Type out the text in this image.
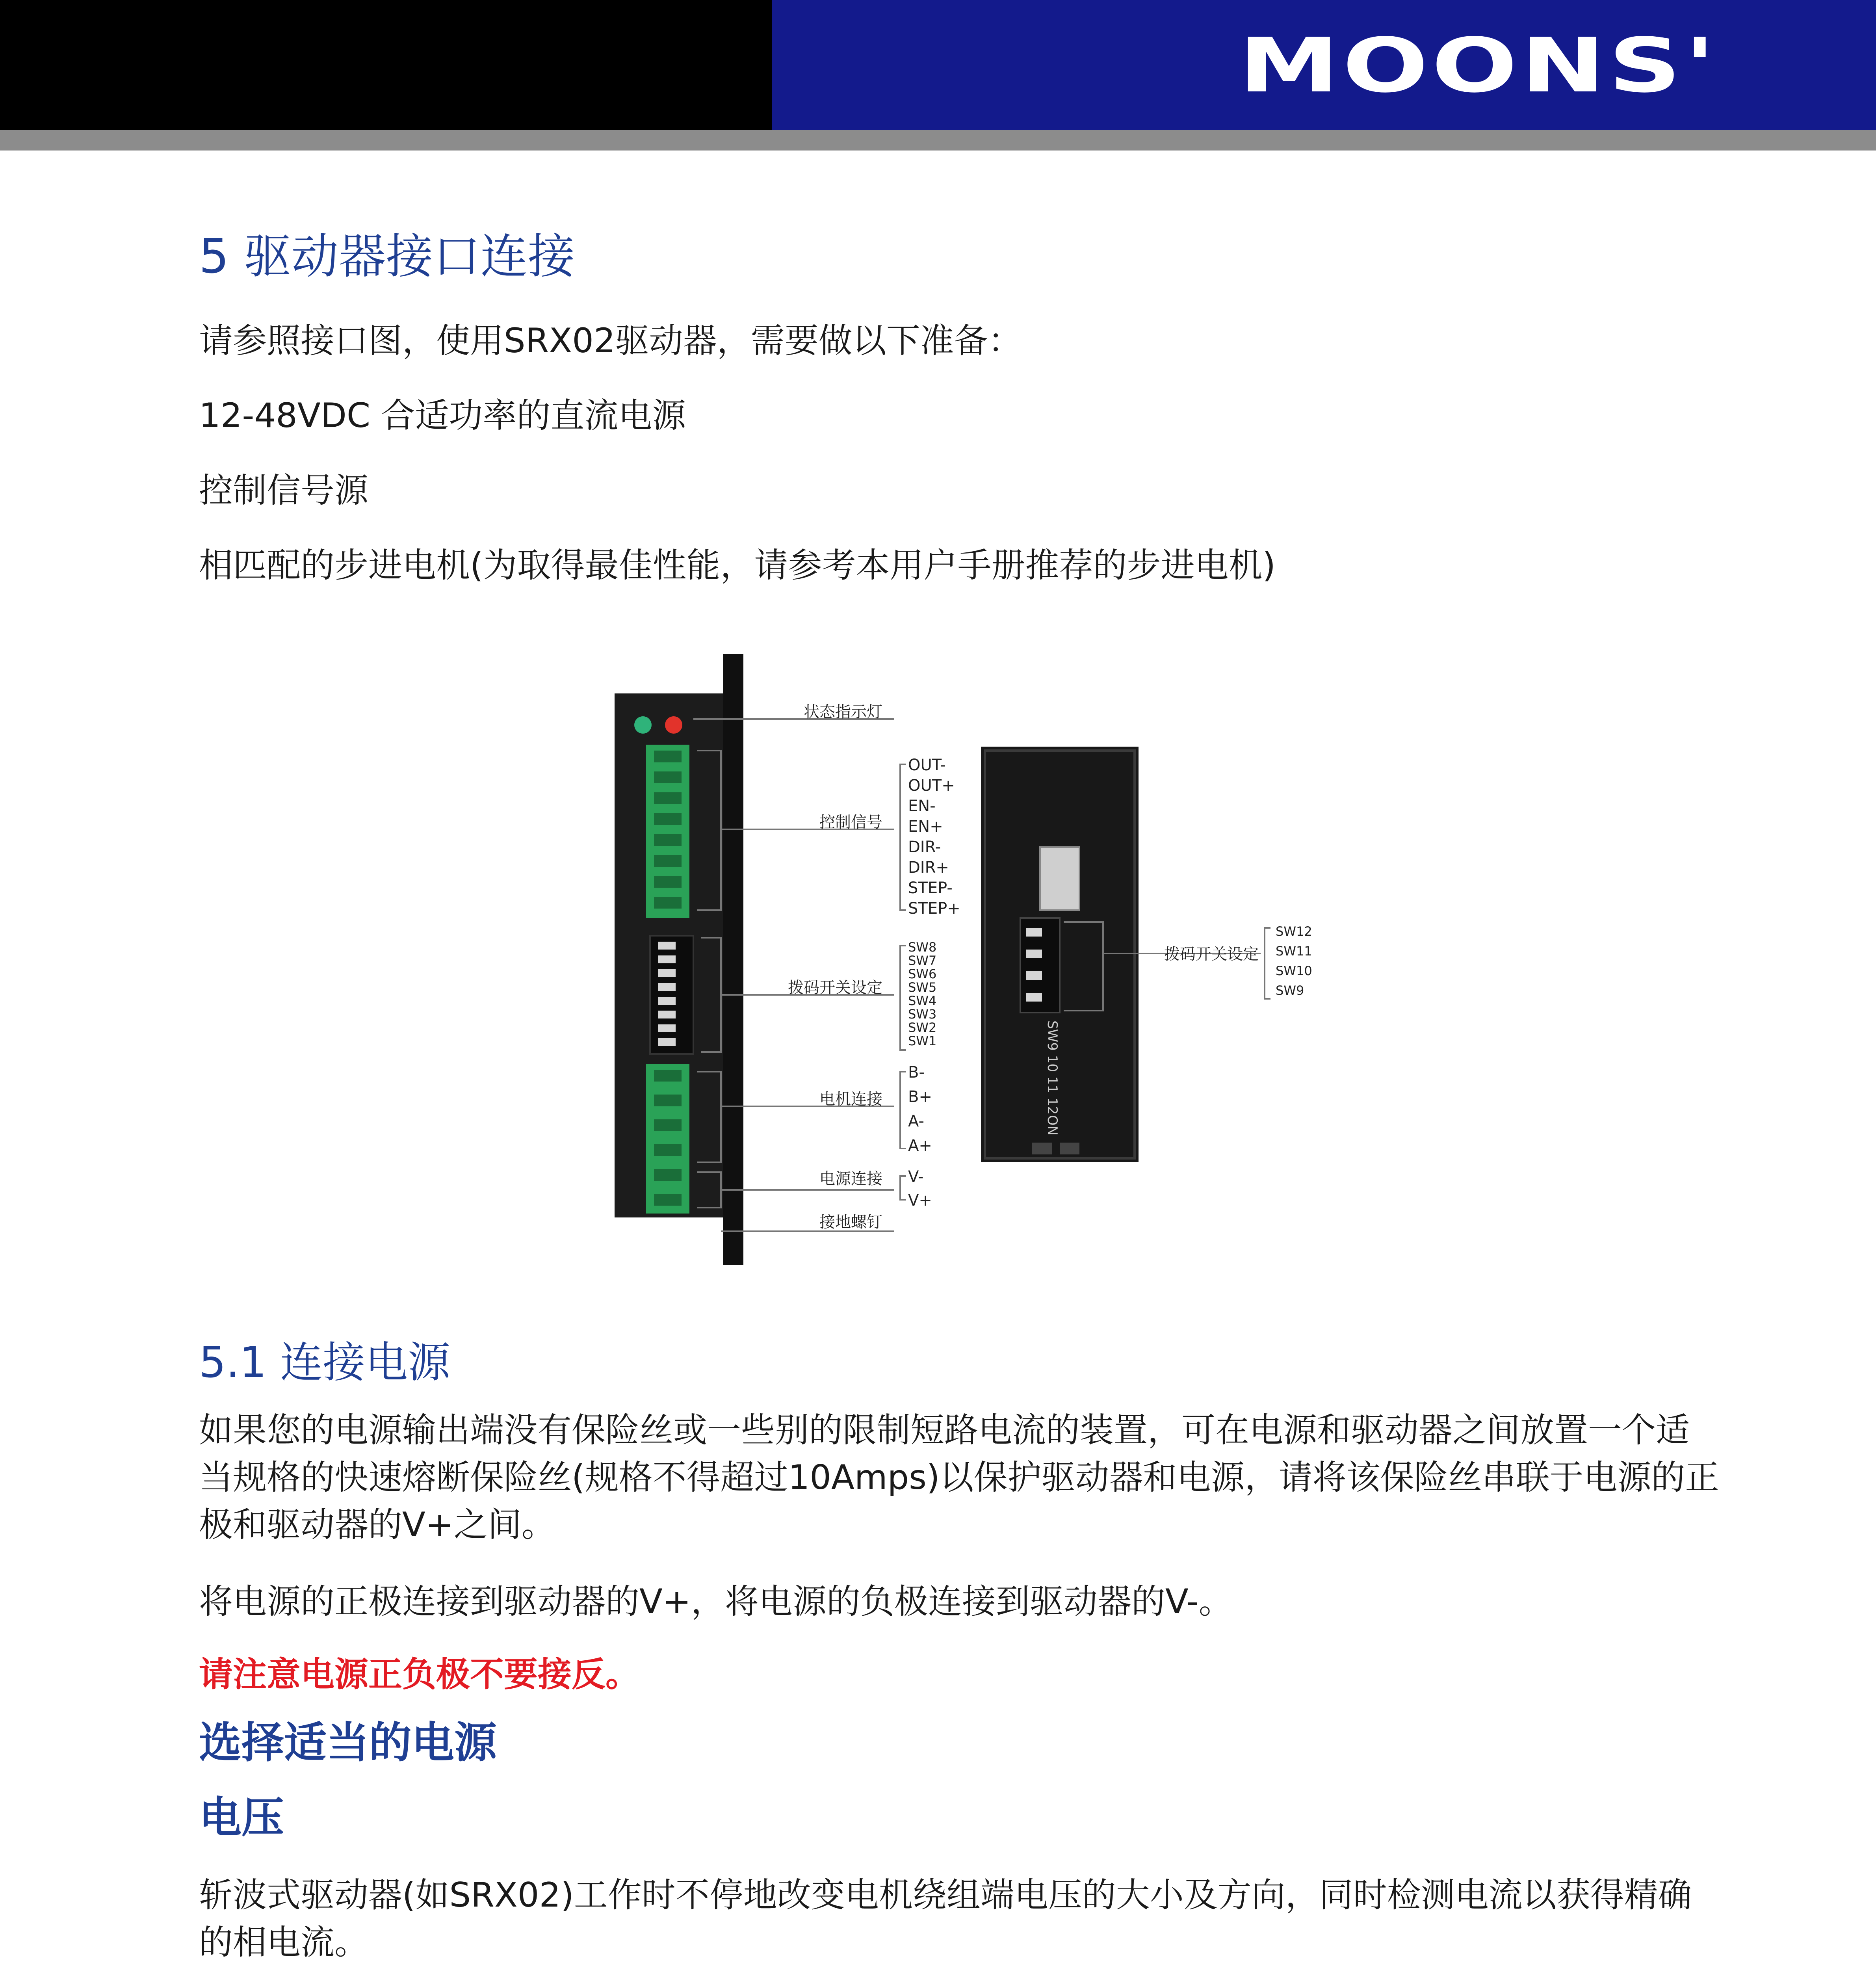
MOONS'
5 驱动器接口连接
请参照接口图，使用SRX02驱动器，需要做以下准备：
12-48VDC 合适功率的直流电源
控制信号源
相匹配的步进电机(为取得最佳性能，请参考本用户手册推荐的步进电机)
状态指示灯
控制信号
拨码开关设定
电机连接
电源连接
接地螺钉
OUT-
OUT+
EN-
EN+
DIR-
DIR+
STEP-
STEP+
SW8
SW7
SW6
SW5
SW4
SW3
SW2
SW1
B-
B+
A-
A+
V-
V+
SW9 10 11 12
ON
拨码开关设定
SW12
SW11
SW10
SW9
5.1 连接电源
如果您的电源输出端没有保险丝或一些别的限制短路电流的装置，可在电源和驱动器之间放置一个适当规格的快速熔断保险丝(规格不得超过10Amps)以保护驱动器和电源，请将该保险丝串联于电源的正极和驱动器的V+之间。
将电源的正极连接到驱动器的V+，将电源的负极连接到驱动器的V-。
请注意电源正负极不要接反。
选择适当的电源
电压
斩波式驱动器(如SRX02)工作时不停地改变电机绕组端电压的大小及方向，同时检测电流以获得精确的相电流。
